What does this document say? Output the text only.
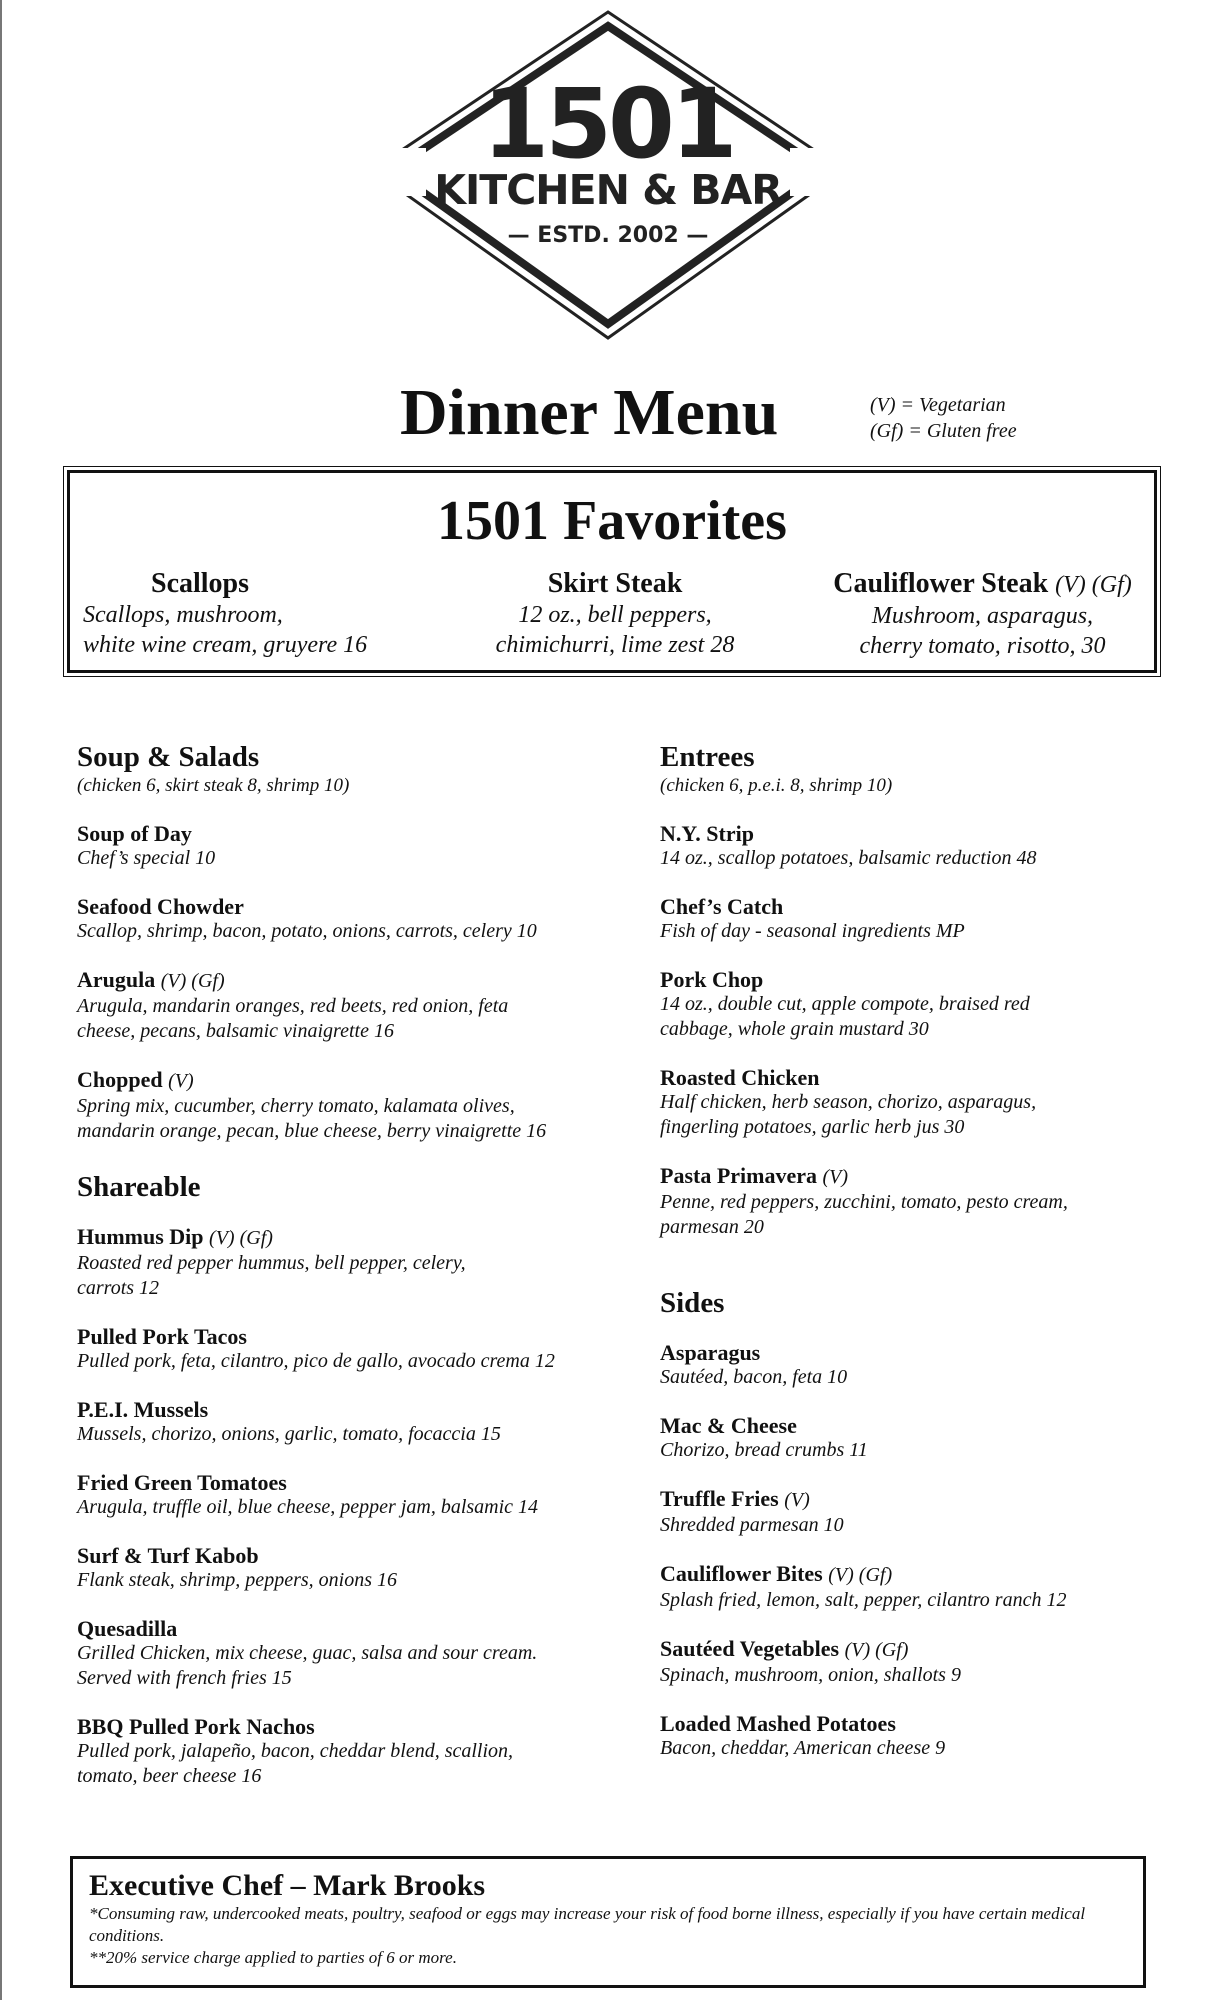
1501
KITCHEN & BAR
— ESTD. 2002 —
Dinner Menu	(V) = Vegetarian
(Gf) = Gluten free
1501 Favorites
Scallops
Scallops, mushroom,
white wine cream, gruyere 16
Skirt Steak
12 oz., bell peppers,
chimichurri, lime zest 28
Cauliflower Steak (V) (Gf)
Mushroom, asparagus,
cherry tomato, risotto, 30
Soup & Salads
(chicken 6, skirt steak 8, shrimp 10)
Soup of Day
Chef’s special 10
Seafood Chowder
Scallop, shrimp, bacon, potato, onions, carrots, celery 10
Arugula (V) (Gf)
Arugula, mandarin oranges, red beets, red onion, feta
cheese, pecans, balsamic vinaigrette 16
Chopped (V)
Spring mix, cucumber, cherry tomato, kalamata olives,
mandarin orange, pecan, blue cheese, berry vinaigrette 16
Shareable
Hummus Dip (V) (Gf)
Roasted red pepper hummus, bell pepper, celery,
carrots 12
Pulled Pork Tacos
Pulled pork, feta, cilantro, pico de gallo, avocado crema 12
P.E.I. Mussels
Mussels, chorizo, onions, garlic, tomato, focaccia 15
Fried Green Tomatoes
Arugula, truffle oil, blue cheese, pepper jam, balsamic 14
Surf & Turf Kabob
Flank steak, shrimp, peppers, onions 16
Quesadilla
Grilled Chicken, mix cheese, guac, salsa and sour cream.
Served with french fries 15
BBQ Pulled Pork Nachos
Pulled pork, jalapeño, bacon, cheddar blend, scallion,
tomato, beer cheese 16
Entrees
(chicken 6, p.e.i. 8, shrimp 10)
N.Y. Strip
14 oz., scallop potatoes, balsamic reduction 48
Chef’s Catch
Fish of day - seasonal ingredients MP
Pork Chop
14 oz., double cut, apple compote, braised red
cabbage, whole grain mustard 30
Roasted Chicken
Half chicken, herb season, chorizo, asparagus,
fingerling potatoes, garlic herb jus 30
Pasta Primavera (V)
Penne, red peppers, zucchini, tomato, pesto cream,
parmesan 20
Sides
Asparagus
Sautéed, bacon, feta 10
Mac & Cheese
Chorizo, bread crumbs 11
Truffle Fries (V)
Shredded parmesan 10
Cauliflower Bites (V) (Gf)
Splash fried, lemon, salt, pepper, cilantro ranch 12
Sautéed Vegetables (V) (Gf)
Spinach, mushroom, onion, shallots 9
Loaded Mashed Potatoes
Bacon, cheddar, American cheese 9
Executive Chef – Mark Brooks
*Consuming raw, undercooked meats, poultry, seafood or eggs may increase your risk of food borne illness, especially if you have certain medical conditions.
**20% service charge applied to parties of 6 or more.
